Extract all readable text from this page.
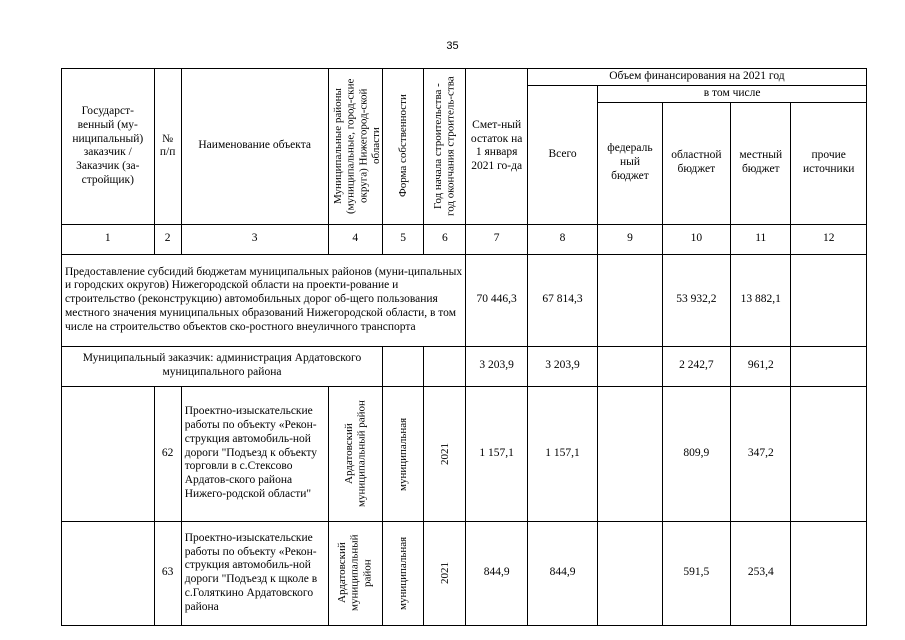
35
Государст-венный (му-ниципальный) заказчик / Заказчик (за-стройщик)	№ п/п	Наименование объекта	Муниципальные районы (муниципальные, город-ские округа) Нижегород-ской области	Форма собственности	Год начала строительства - год окончания строитель-ства	Смет-ный остаток на 1 января 2021 го-да	Объем финансирования на 2021 год				
							Всего	в том числе			
								федераль ный бюджет	областной бюджет	местный бюджет	прочие источники
1	2	3	4	5	6	7	8	9	10	11	12
Предоставление субсидий бюджетам муниципальных районов (муни-ципальных и городских округов) Нижегородской области на проекти-рование и строительство (реконструкцию) автомобильных дорог об-щего пользования местного значения муниципальных образований Нижегородской области, в том числе на строительство объектов ско-ростного внеуличного транспорта						70 446,3	67 814,3		53 932,2	13 882,1	
Муниципальный заказчик: администрация Ардатовского муниципального района						3 203,9	3 203,9		2 242,7	961,2	
	62	Проектно-изыскательские работы по объекту «Рекон-струкция автомобиль-ной дороги "Подъезд к объекту торговли в с.Стексово Ардатов-ского района Нижего-родской области"	Ардатовский муниципальный район	муниципальная	2021	1 157,1	1 157,1		809,9	347,2	
	63	Проектно-изыскательские работы по объекту «Рекон-струкция автомобиль-ной дороги "Подъезд к щколе в с.Голяткино Ардатовского района	Ардатовский муниципальный район	муниципальная	2021	844,9	844,9		591,5	253,4	
